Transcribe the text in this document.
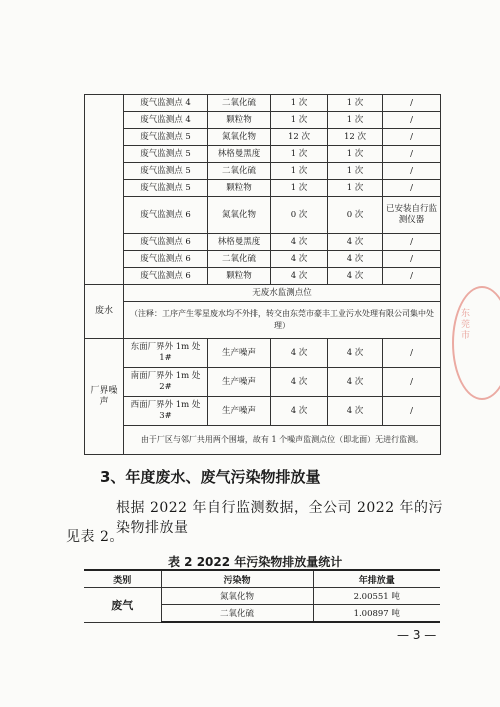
	废气监测点 4	二氧化硫	1 次	1 次	/
	废气监测点 4	颗粒物	1 次	1 次	/
	废气监测点 5	氮氧化物	12 次	12 次	/
	废气监测点 5	林格曼黑度	1 次	1 次	/
	废气监测点 5	二氧化硫	1 次	1 次	/
	废气监测点 5	颗粒物	1 次	1 次	/
	废气监测点 6	氮氧化物	0 次	0 次	已安装自行监测仪器
	废气监测点 6	林格曼黑度	4 次	4 次	/
	废气监测点 6	二氧化硫	4 次	4 次	/
	废气监测点 6	颗粒物	4 次	4 次	/
废水	无废水监测点位				
	（注释：工序产生零星废水均不外排，转交由东莞市豪丰工业污水处理有限公司集中处理）				
厂界噪声	东面厂界外 1m 处 1#	生产噪声	4 次	4 次	/
	南面厂界外 1m 处 2#	生产噪声	4 次	4 次	/
	西面厂界外 1m 处 3#	生产噪声	4 次	4 次	/
	由于厂区与邻厂共用两个围墙，故有 1 个噪声监测点位（即北面）无进行监测。				
东莞市
3、年度废水、废气污染物排放量
根据 2022 年自行监测数据，全公司 2022 年的污染物排放量
见表 2。
表 2 2022 年污染物排放量统计
类别	污染物	年排放量
废气	氮氧化物	2.00551 吨
	二氧化硫	1.00897 吨
— 3 —
